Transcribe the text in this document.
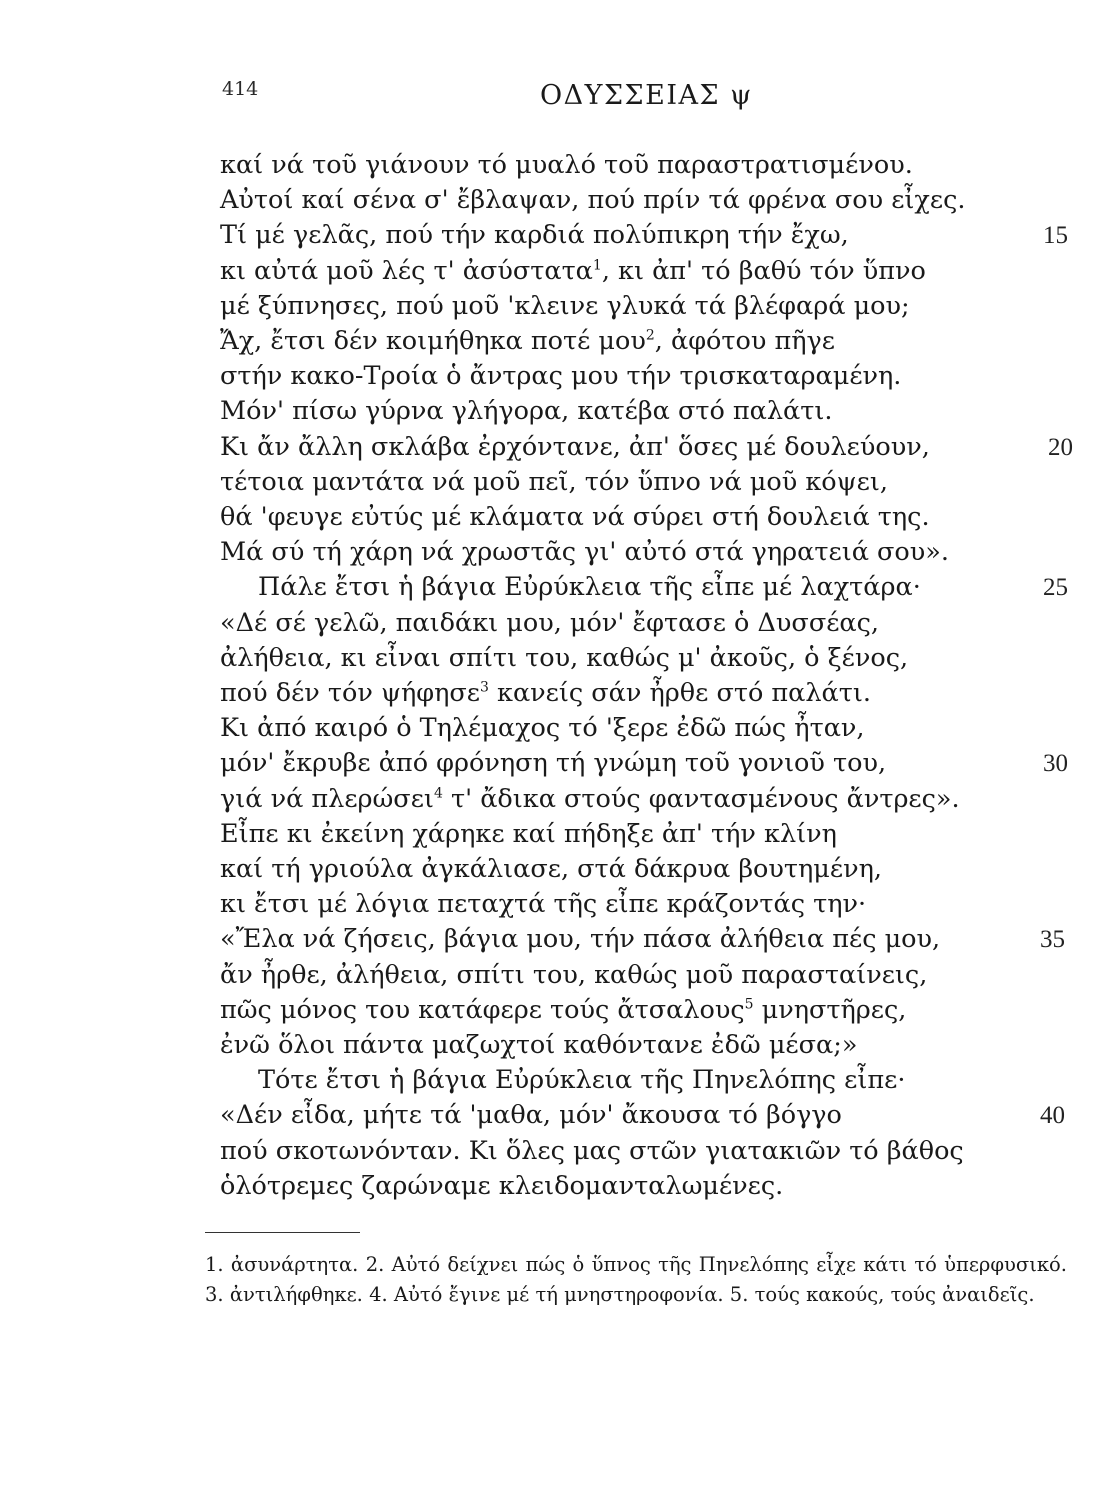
414	ΟΔΥΣΣΕΙΑΣ ψ
καί νά τοῦ γιάνουν τό μυαλό τοῦ παραστρατισμένου.
Αὐτοί καί σένα σ' ἔβλαψαν, πού πρίν τά φρένα σου εἶχες.
Τί μέ γελᾶς, πού τήν καρδιά πολύπικρη τήν ἔχω,	15
κι αὐτά μοῦ λές τ' ἀσύστατα$^1$, κι ἀπ' τό βαθύ τόν ὕπνο
μέ ξύπνησες, πού μοῦ 'κλεινε γλυκά τά βλέφαρά μου;
Ἄχ, ἔτσι δέν κοιμήθηκα ποτέ μου$^2$, ἀφότου πῆγε
στήν κακο-Τροία ὁ ἄντρας μου τήν τρισκαταραμένη.
Μόν' πίσω γύρνα γλήγορα, κατέβα στό παλάτι.
Κι ἄν ἄλλη σκλάβα ἐρχόντανε, ἀπ' ὅσες μέ δουλεύουν,	20
τέτοια μαντάτα νά μοῦ πεῖ, τόν ὕπνο νά μοῦ κόψει,
θά 'φευγε εὐτύς μέ κλάματα νά σύρει στή δουλειά της.
Μά σύ τή χάρη νά χρωστᾶς γι' αὐτό στά γηρατειά σου».
Πάλε ἔτσι ἡ βάγια Εὐρύκλεια τῆς εἶπε μέ λαχτάρα·	25
«Δέ σέ γελῶ, παιδάκι μου, μόν' ἔφτασε ὁ Δυσσέας,
ἀλήθεια, κι εἶναι σπίτι του, καθώς μ' ἀκοῦς, ὁ ξένος,
πού δέν τόν ψήφησε$^3$ κανείς σάν ἦρθε στό παλάτι.
Κι ἀπό καιρό ὁ Τηλέμαχος τό 'ξερε ἐδῶ πώς ἦταν,
μόν' ἔκρυβε ἀπό φρόνηση τή γνώμη τοῦ γονιοῦ του,	30
γιά νά πλερώσει$^4$ τ' ἄδικα στούς φαντασμένους ἄντρες».
Εἶπε κι ἐκείνη χάρηκε καί πήδηξε ἀπ' τήν κλίνη
καί τή γριούλα ἀγκάλιασε, στά δάκρυα βουτημένη,
κι ἔτσι μέ λόγια πεταχτά τῆς εἶπε κράζοντάς την·
«Ἔλα νά ζήσεις, βάγια μου, τήν πάσα ἀλήθεια πές μου,	35
ἄν ἦρθε, ἀλήθεια, σπίτι του, καθώς μοῦ παρασταίνεις,
πῶς μόνος του κατάφερε τούς ἄτσαλους$^5$ μνηστῆρες,
ἐνῶ ὅλοι πάντα μαζωχτοί καθόντανε ἐδῶ μέσα;»
Τότε ἔτσι ἡ βάγια Εὐρύκλεια τῆς Πηνελόπης εἶπε·
«Δέν εἶδα, μήτε τά 'μαθα, μόν' ἄκουσα τό βόγγο	40
πού σκοτωνόνταν. Κι ὅλες μας στῶν γιατακιῶν τό βάθος
ὁλότρεμες ζαρώναμε κλειδομανταλωμένες.
1. ἀσυνάρτητα. 2. Αὐτό δείχνει πώς ὁ ὕπνος τῆς Πηνελόπης εἶχε κάτι τό ὑπερφυσικό. 3. ἀντιλήφθηκε. 4. Αὐτό ἔγινε μέ τή μνηστηροφονία. 5. τούς κακούς, τούς ἀναιδεῖς.
